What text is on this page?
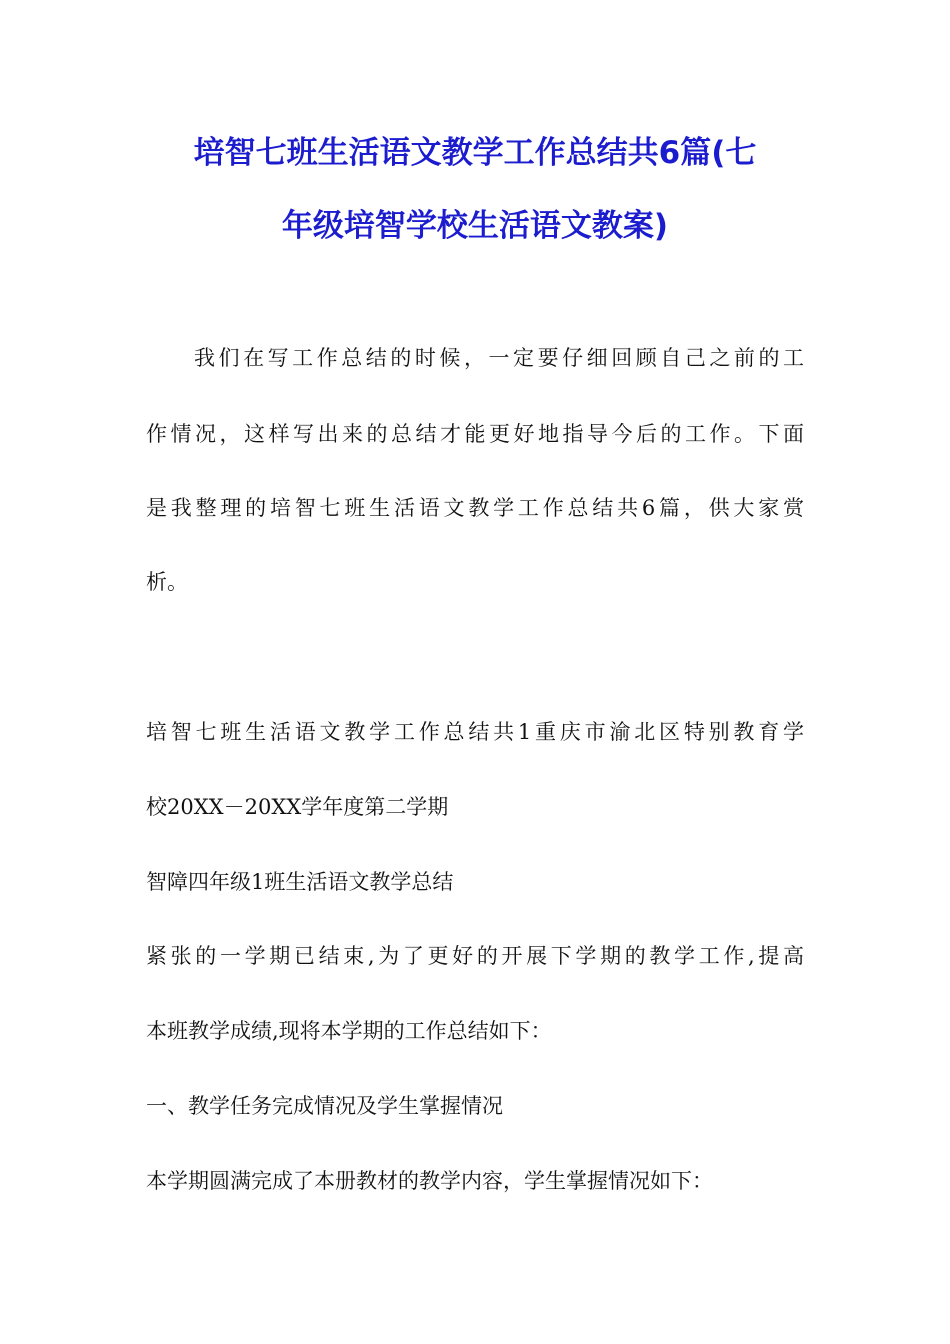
培智七班生活语文教学工作总结共6篇(七
年级培智学校生活语文教案)
我们在写工作总结的时候，一定要仔细回顾自己之前的工
作情况，这样写出来的总结才能更好地指导今后的工作。下面
是我整理的培智七班生活语文教学工作总结共6篇，供大家赏
析。
培智七班生活语文教学工作总结共1重庆市渝北区特别教育学
校20XX－20XX学年度第二学期
智障四年级1班生活语文教学总结
紧张的一学期已结束,为了更好的开展下学期的教学工作,提高
本班教学成绩,现将本学期的工作总结如下：
一、教学任务完成情况及学生掌握情况
本学期圆满完成了本册教材的教学内容，学生掌握情况如下：
